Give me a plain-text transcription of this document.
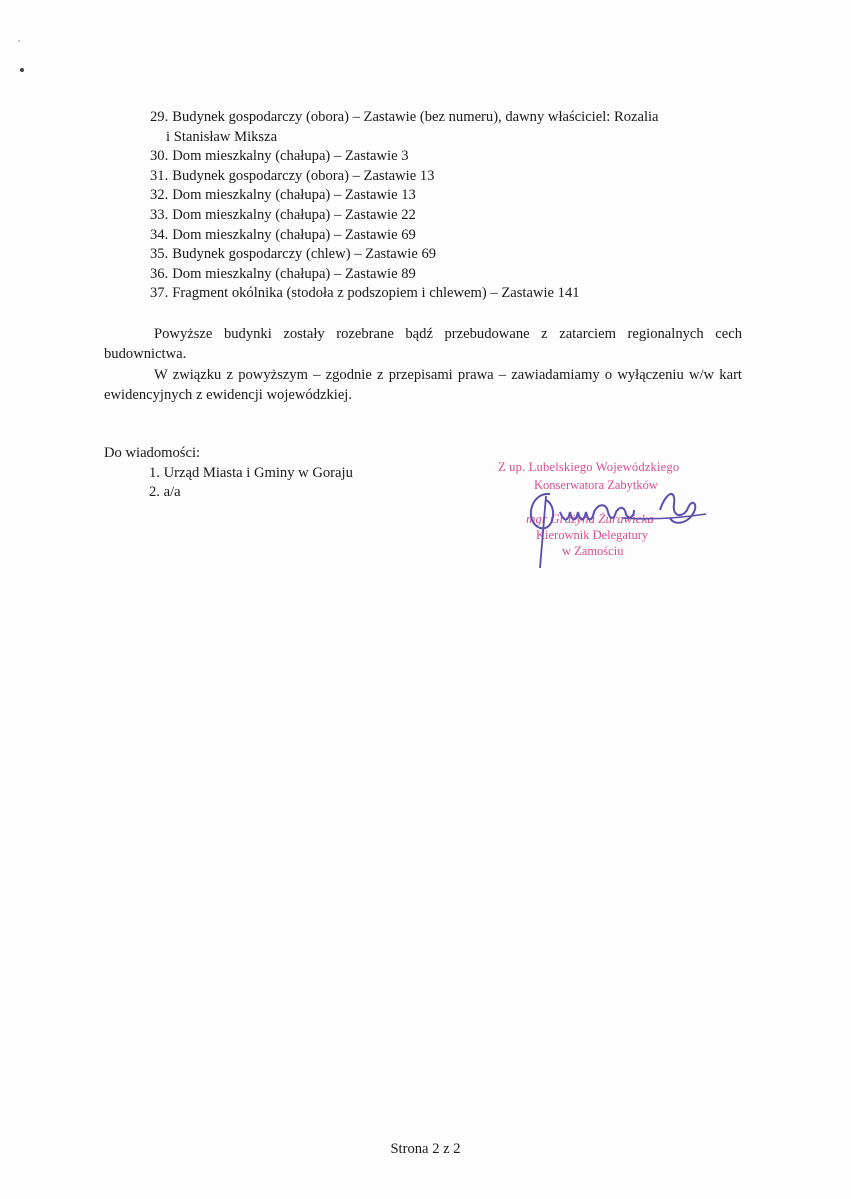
29. Budynek gospodarczy (obora) – Zastawie (bez numeru), dawny właściciel: Rozalia
i Stanisław Miksza
30. Dom mieszkalny (chałupa) – Zastawie 3
31. Budynek gospodarczy (obora) – Zastawie 13
32. Dom mieszkalny (chałupa) – Zastawie 13
33. Dom mieszkalny (chałupa) – Zastawie 22
34. Dom mieszkalny (chałupa) – Zastawie 69
35. Budynek gospodarczy (chlew) – Zastawie 69
36. Dom mieszkalny (chałupa) – Zastawie 89
37. Fragment okólnika (stodoła z podszopiem i chlewem) – Zastawie 141

Powyższe budynki zostały rozebrane bądź przebudowane z zatarciem regionalnych cech budownictwa.

W związku z powyższym – zgodnie z przepisami prawa – zawiadamiamy o wyłączeniu w/w kart ewidencyjnych z ewidencji wojewódzkiej.

Do wiadomości:
1. Urząd Miasta i Gminy w Goraju
2. a/a
Z up. Lubelskiego Wojewódzkiego
Konserwatora Zabytków
mgr Grażyna Żurawicka
Kierownik Delegatury
w Zamościu
Strona 2 z 2
